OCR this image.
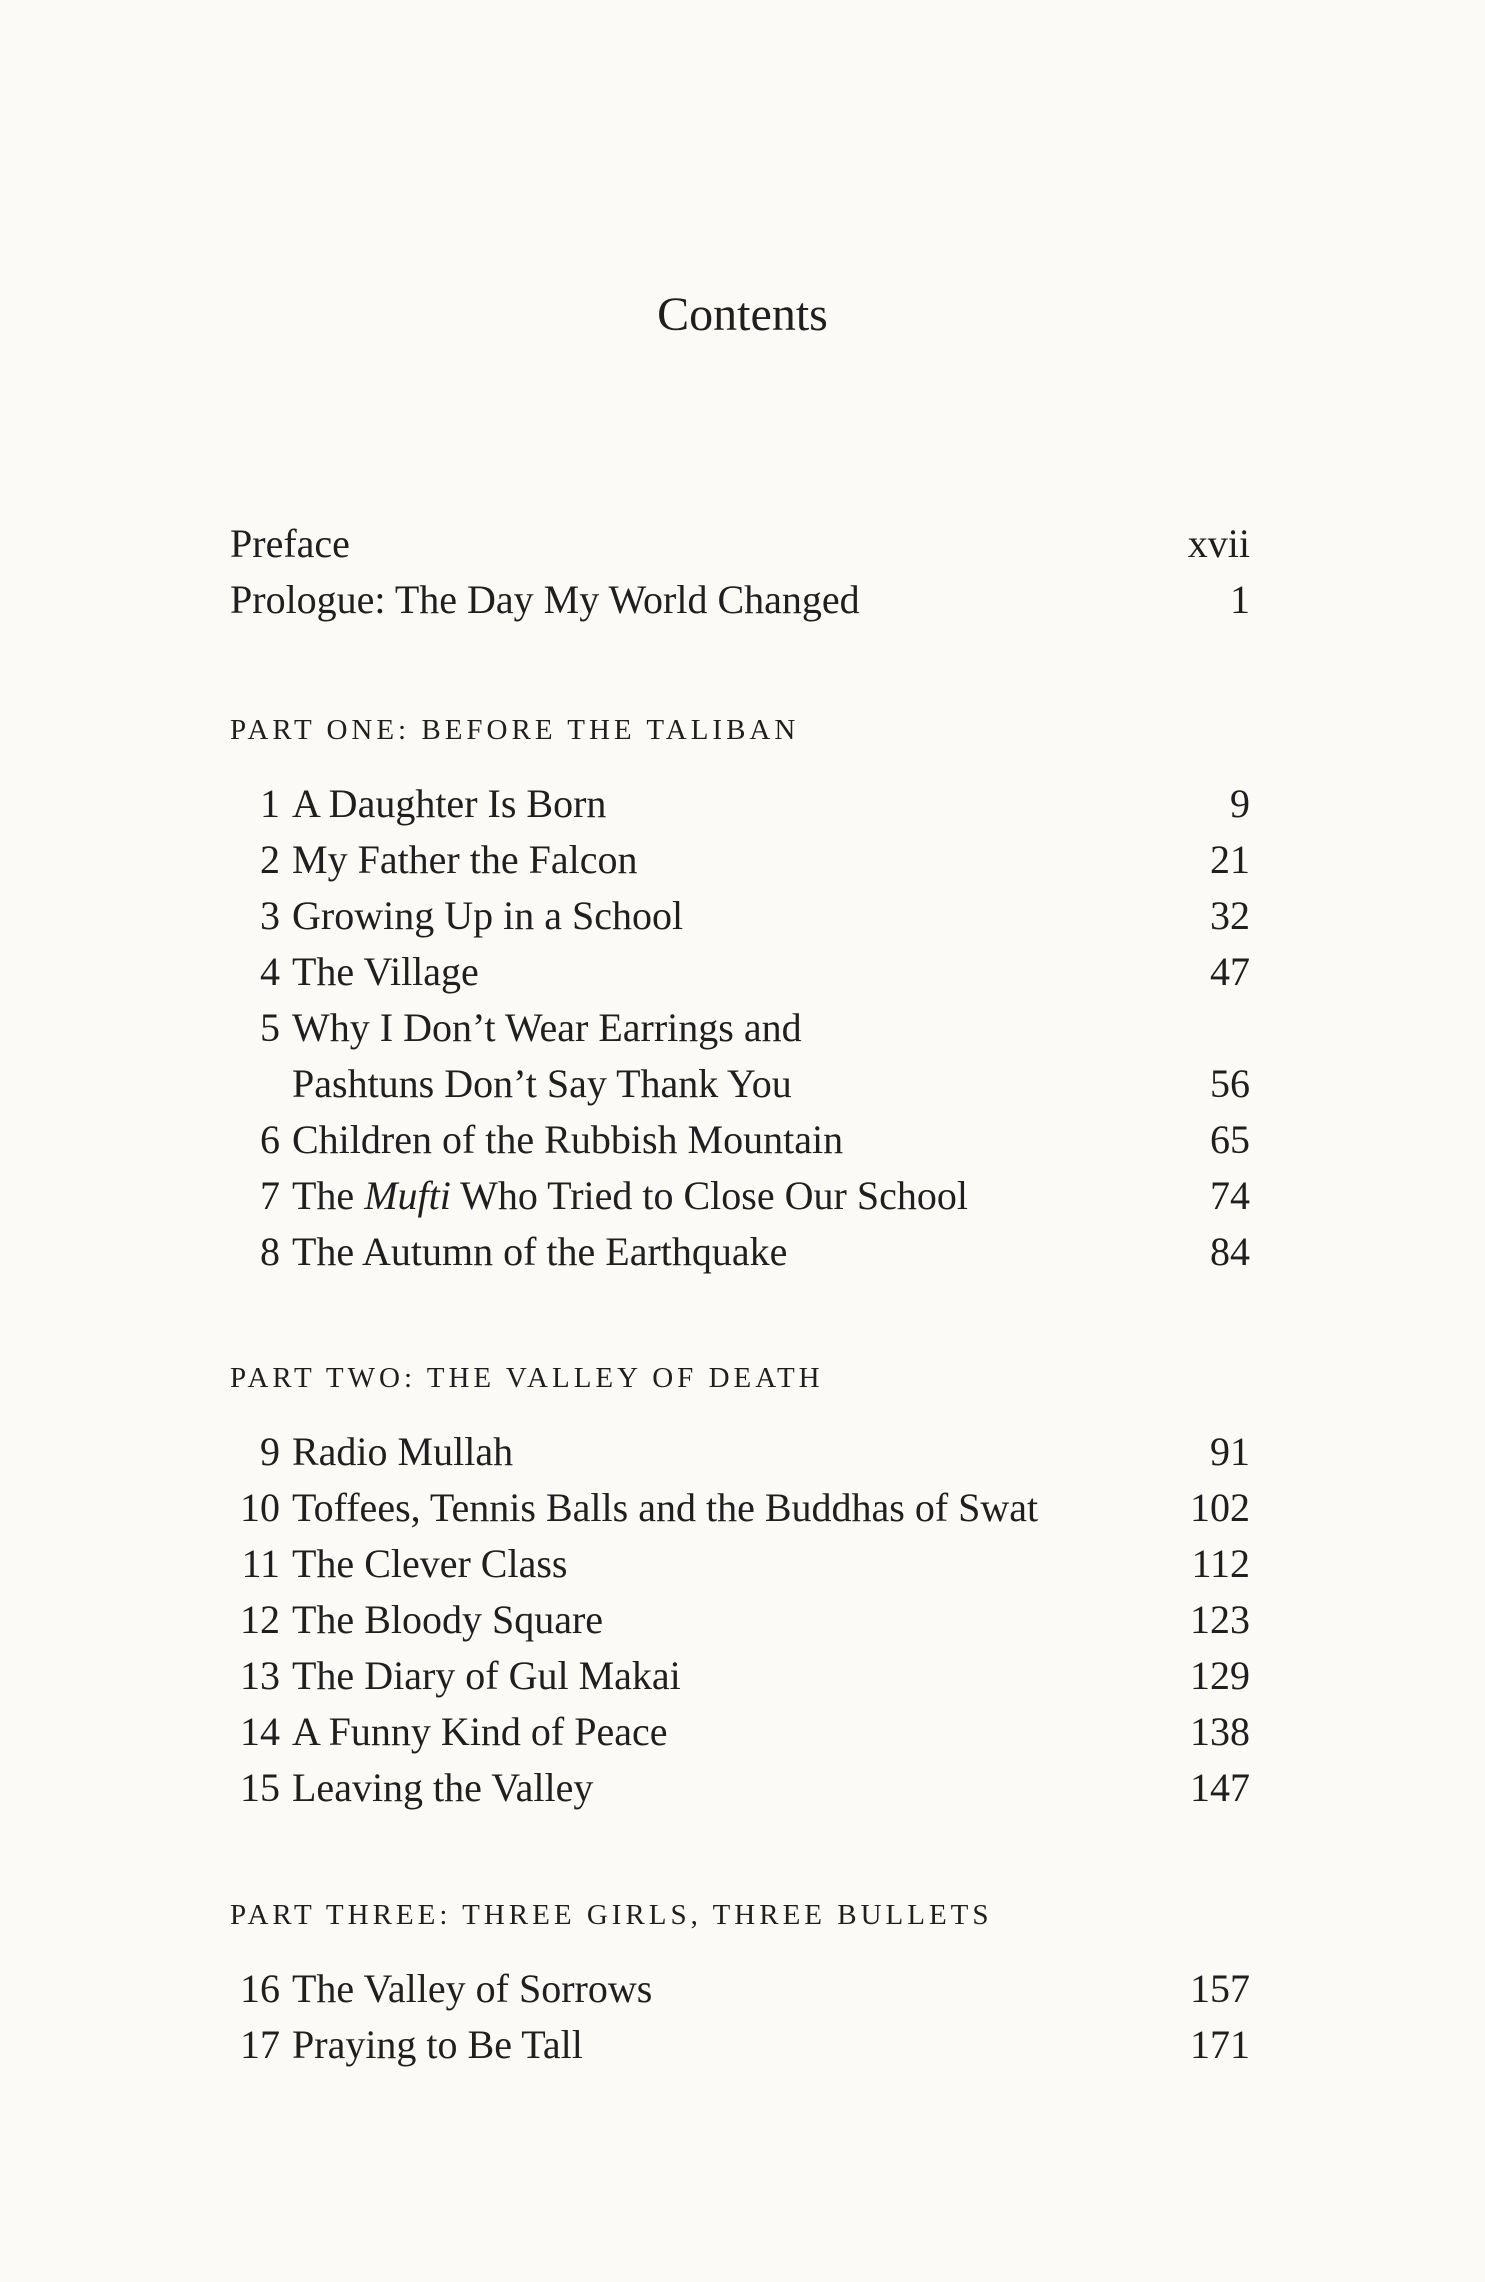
Contents
Preface	xvii
Prologue: The Day My World Changed	1
PART ONE: BEFORE THE TALIBAN
1 A Daughter Is Born	9
2 My Father the Falcon	21
3 Growing Up in a School	32
4 The Village	47
5 Why I Don’t Wear Earrings and
Pashtuns Don’t Say Thank You	56
6 Children of the Rubbish Mountain	65
7 The Mufti Who Tried to Close Our School	74
8 The Autumn of the Earthquake	84
PART TWO: THE VALLEY OF DEATH
9 Radio Mullah	91
10 Toffees, Tennis Balls and the Buddhas of Swat	102
11 The Clever Class	112
12 The Bloody Square	123
13 The Diary of Gul Makai	129
14 A Funny Kind of Peace	138
15 Leaving the Valley	147
PART THREE: THREE GIRLS, THREE BULLETS
16 The Valley of Sorrows	157
17 Praying to Be Tall	171
